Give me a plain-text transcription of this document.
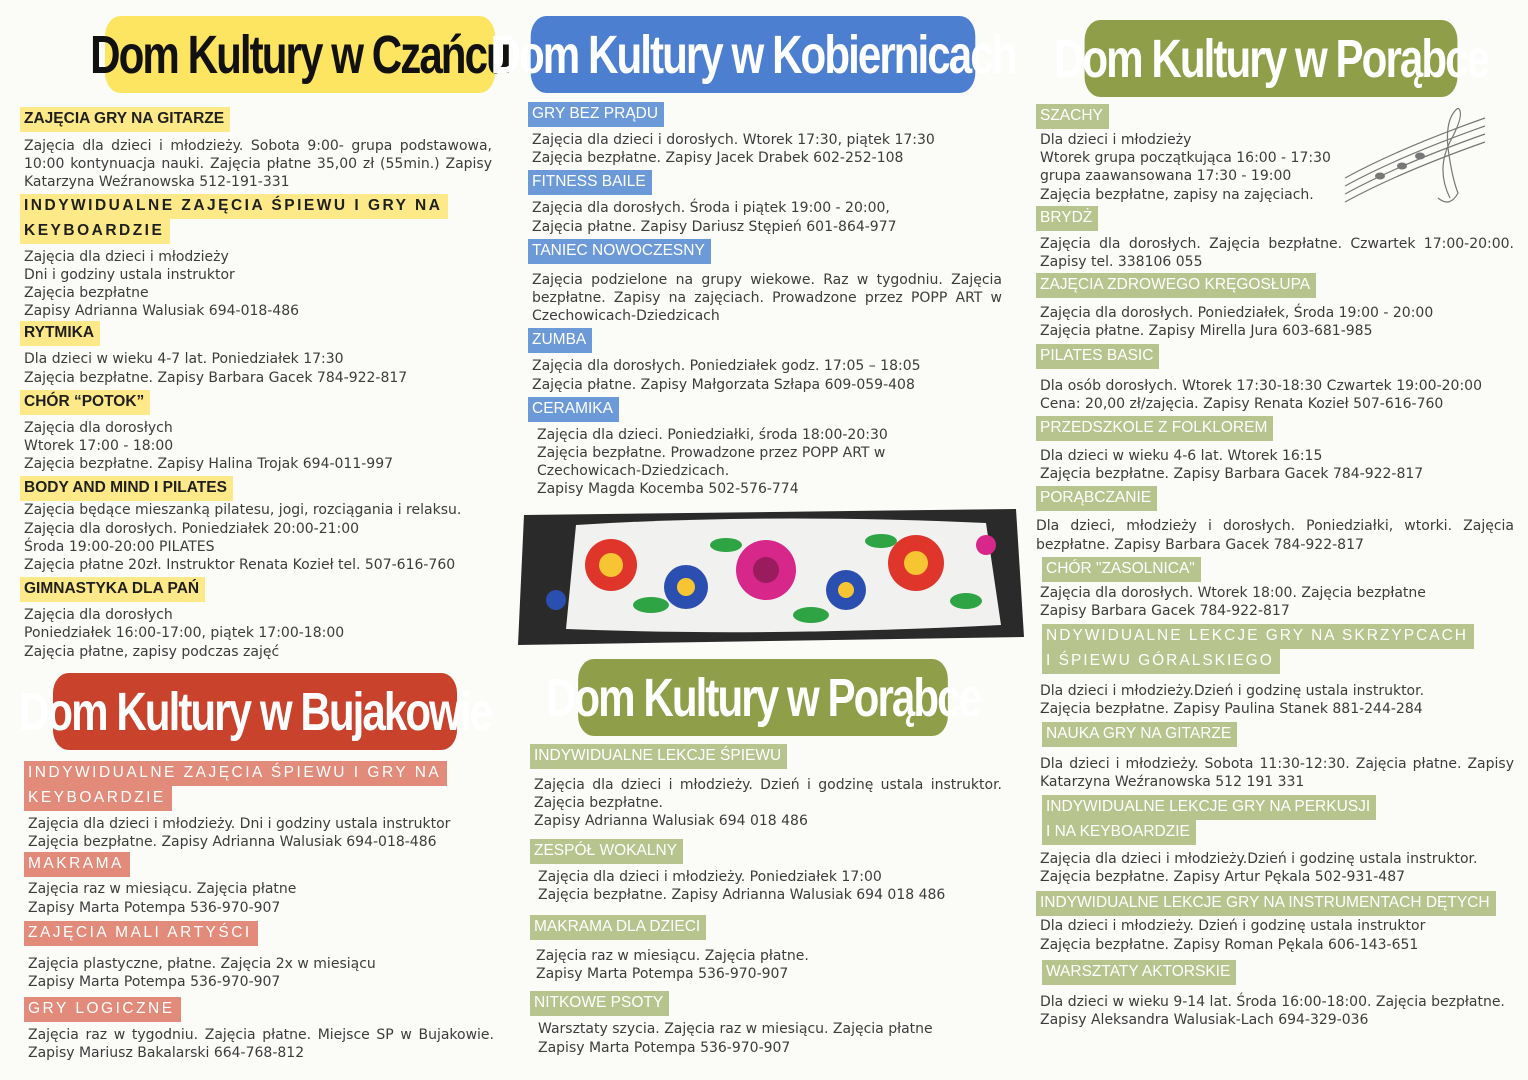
Dom Kultury w Czańcu
Dom Kultury w Kobiernicach Dom Kultury w Porąbce
Dom Kultury w Bujakowie Dom Kultury w Porąbce
ZAJĘCIA GRY NA GITARZE
Zajęcia dla dzieci i młodzieży. Sobota 9:00- grupa podstawowa, 10:00 kontynuacja nauki. Zajęcia płatne 35,00 zł (55min.) Zapisy Katarzyna Weźranowska 512-191-331
INDYWIDUALNE ZAJĘCIA ŚPIEWU I GRY NA
KEYBOARDZIE
Zajęcia dla dzieci i młodzieży
Dni i godziny ustala instruktor
Zajęcia bezpłatne
Zapisy Adrianna Walusiak 694-018-486
RYTMIKA
Dla dzieci w wieku 4-7 lat. Poniedziałek 17:30
Zajęcia bezpłatne. Zapisy Barbara Gacek 784-922-817
CHÓR “POTOK”
Zajęcia dla dorosłych
Wtorek 17:00 - 18:00
Zajęcia bezpłatne. Zapisy Halina Trojak 694-011-997
BODY AND MIND I PILATES
Zajęcia będące mieszanką pilatesu, jogi, rozciągania i relaksu.
Zajęcia dla dorosłych. Poniedziałek 20:00-21:00
Środa 19:00-20:00 PILATES
Zajęcia płatne 20zł. Instruktor Renata Kozieł tel. 507-616-760
GIMNASTYKA DLA PAŃ
Zajęcia dla dorosłych
Poniedziałek 16:00-17:00, piątek 17:00-18:00
Zajęcia płatne, zapisy podczas zajęć
INDYWIDUALNE ZAJĘCIA ŚPIEWU I GRY NA
KEYBOARDZIE
Zajęcia dla dzieci i młodzieży. Dni i godziny ustala instruktor
Zajęcia bezpłatne. Zapisy Adrianna Walusiak 694-018-486
MAKRAMA
Zajęcia raz w miesiącu. Zajęcia płatne
Zapisy Marta Potempa 536-970-907
ZAJĘCIA MALI ARTYŚCI
Zajęcia plastyczne, płatne. Zajęcia 2x w miesiącu
Zapisy Marta Potempa 536-970-907
GRY LOGICZNE
Zajęcia raz w tygodniu. Zajęcia płatne. Miejsce SP w Bujakowie. Zapisy Mariusz Bakalarski 664-768-812
GRY BEZ PRĄDU
Zajęcia dla dzieci i dorosłych. Wtorek 17:30, piątek 17:30
Zajęcia bezpłatne. Zapisy Jacek Drabek 602-252-108
FITNESS BAILE
Zajęcia dla dorosłych. Środa i piątek 19:00 - 20:00,
Zajęcia płatne. Zapisy Dariusz Stępień 601-864-977
TANIEC NOWOCZESNY
Zajęcia podzielone na grupy wiekowe. Raz w tygodniu. Zajęcia bezpłatne. Zapisy na zajęciach. Prowadzone przez POPP ART w Czechowicach-Dziedzicach
ZUMBA
Zajęcia dla dorosłych. Poniedziałek godz. 17:05 – 18:05
Zajęcia płatne. Zapisy Małgorzata Szłapa 609-059-408
CERAMIKA
Zajęcia dla dzieci. Poniedziałki, środa 18:00-20:30
Zajęcia bezpłatne. Prowadzone przez POPP ART w
Czechowicach-Dziedzicach.
Zapisy Magda Kocemba 502-576-774
INDYWIDUALNE LEKCJE ŚPIEWU
Zajęcia dla dzieci i młodzieży. Dzień i godzinę ustala instruktor. Zajęcia bezpłatne.
Zapisy Adrianna Walusiak 694 018 486
ZESPÓŁ WOKALNY
Zajęcia dla dzieci i młodzieży. Poniedziałek 17:00
Zajęcia bezpłatne. Zapisy Adrianna Walusiak 694 018 486
MAKRAMA DLA DZIECI
Zajęcia raz w miesiącu. Zajęcia płatne.
Zapisy Marta Potempa 536-970-907
NITKOWE PSOTY
Warsztaty szycia. Zajęcia raz w miesiącu. Zajęcia płatne
Zapisy Marta Potempa 536-970-907
SZACHY
Dla dzieci i młodzieży
Wtorek grupa początkująca 16:00 - 17:30
grupa zaawansowana 17:30 - 19:00
Zajęcia bezpłatne, zapisy na zajęciach.
BRYDŻ
Zajęcia dla dorosłych. Zajęcia bezpłatne. Czwartek 17:00-20:00. Zapisy tel. 338106 055
ZAJĘCIA ZDROWEGO KRĘGOSŁUPA
Zajęcia dla dorosłych. Poniedziałek, Środa 19:00 - 20:00
Zajęcia płatne. Zapisy Mirella Jura 603-681-985
PILATES BASIC
Dla osób dorosłych. Wtorek 17:30-18:30 Czwartek 19:00-20:00
Cena: 20,00 zł/zajęcia. Zapisy Renata Kozieł 507-616-760
PRZEDSZKOLE Z FOLKLOREM
Dla dzieci w wieku 4-6 lat. Wtorek 16:15
Zajęcia bezpłatne. Zapisy Barbara Gacek 784-922-817
PORĄBCZANIE
Dla dzieci, młodzieży i dorosłych. Poniedziałki, wtorki. Zajęcia bezpłatne. Zapisy Barbara Gacek 784-922-817
CHÓR "ZASOLNICA"
Zajęcia dla dorosłych. Wtorek 18:00. Zajęcia bezpłatne
Zapisy Barbara Gacek 784-922-817
NDYWIDUALNE LEKCJE GRY NA SKRZYPCACH
I ŚPIEWU GÓRALSKIEGO
Dla dzieci i młodzieży.Dzień i godzinę ustala instruktor.
Zajęcia bezpłatne. Zapisy Paulina Stanek 881-244-284
NAUKA GRY NA GITARZE
Dla dzieci i młodzieży. Sobota 11:30-12:30. Zajęcia płatne. Zapisy Katarzyna Weźranowska 512 191 331
INDYWIDUALNE LEKCJE GRY NA PERKUSJI
I NA KEYBOARDZIE
Zajęcia dla dzieci i młodzieży.Dzień i godzinę ustala instruktor.
Zajęcia bezpłatne. Zapisy Artur Pękala 502-931-487
INDYWIDUALNE LEKCJE GRY NA INSTRUMENTACH DĘTYCH
Dla dzieci i młodzieży. Dzień i godzinę ustala instruktor
Zajęcia bezpłatne. Zapisy Roman Pękala 606-143-651
WARSZTATY AKTORSKIE
Dla dzieci w wieku 9-14 lat. Środa 16:00-18:00. Zajęcia bezpłatne. Zapisy Aleksandra Walusiak-Lach 694-329-036
